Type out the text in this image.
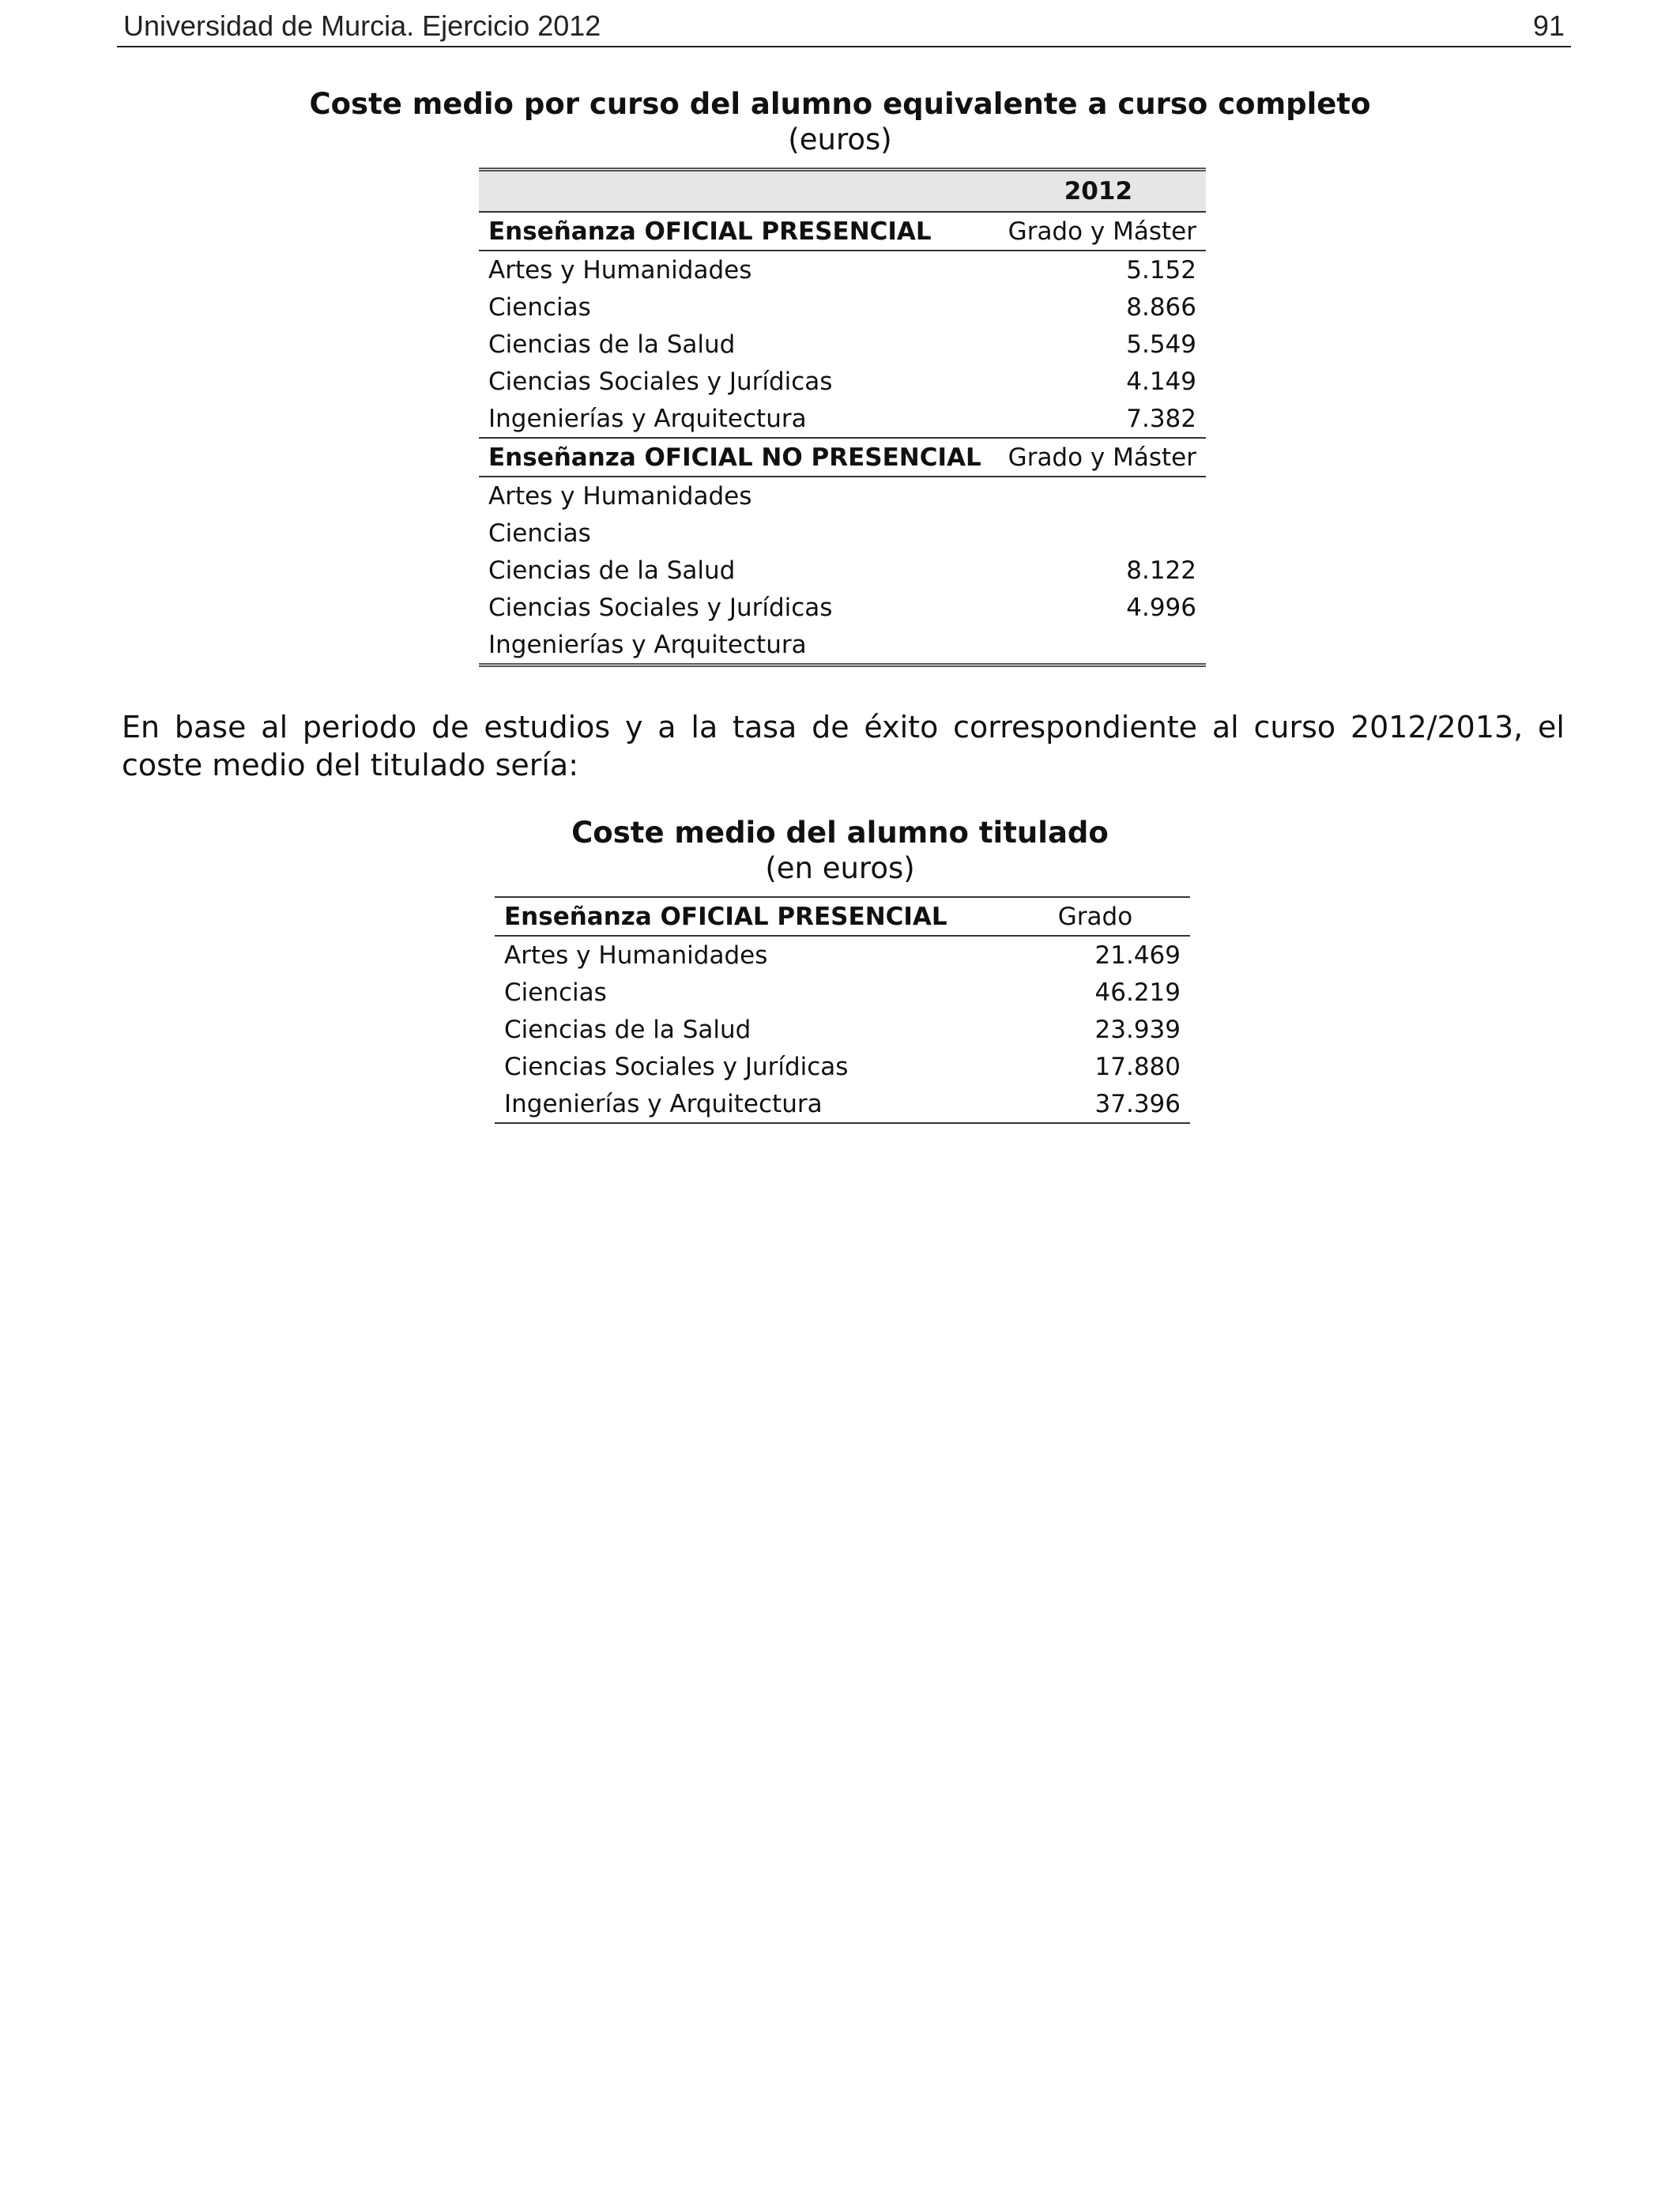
Universidad de Murcia. Ejercicio 2012	91
Coste medio por curso del alumno equivalente a curso completo
(euros)
	2012
Enseñanza OFICIAL PRESENCIAL	Grado y Máster
Artes y Humanidades	5.152
Ciencias	8.866
Ciencias de la Salud	5.549
Ciencias Sociales y Jurídicas	4.149
Ingenierías y Arquitectura	7.382
Enseñanza OFICIAL NO PRESENCIAL	Grado y Máster
Artes y Humanidades	
Ciencias	
Ciencias de la Salud	8.122
Ciencias Sociales y Jurídicas	4.996
Ingenierías y Arquitectura	
En base al periodo de estudios y a la tasa de éxito correspondiente al curso 2012/2013, el coste medio del titulado sería:
Coste medio del alumno titulado
(en euros)
Enseñanza OFICIAL PRESENCIAL	Grado
Artes y Humanidades	21.469
Ciencias	46.219
Ciencias de la Salud	23.939
Ciencias Sociales y Jurídicas	17.880
Ingenierías y Arquitectura	37.396
